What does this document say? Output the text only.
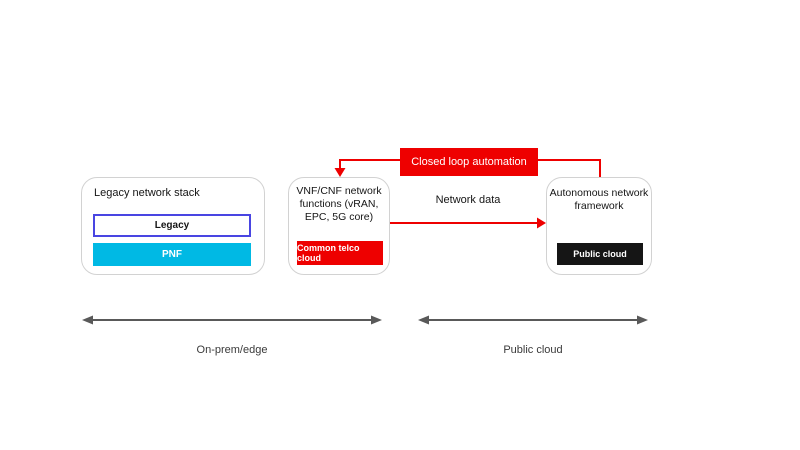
Closed loop automation
Network data
Legacy network stack
Legacy
PNF
VNF/CNF network functions (vRAN, EPC, 5G core)
Common telco cloud
Autonomous network framework
Public cloud
On-prem/edge	Public cloud
